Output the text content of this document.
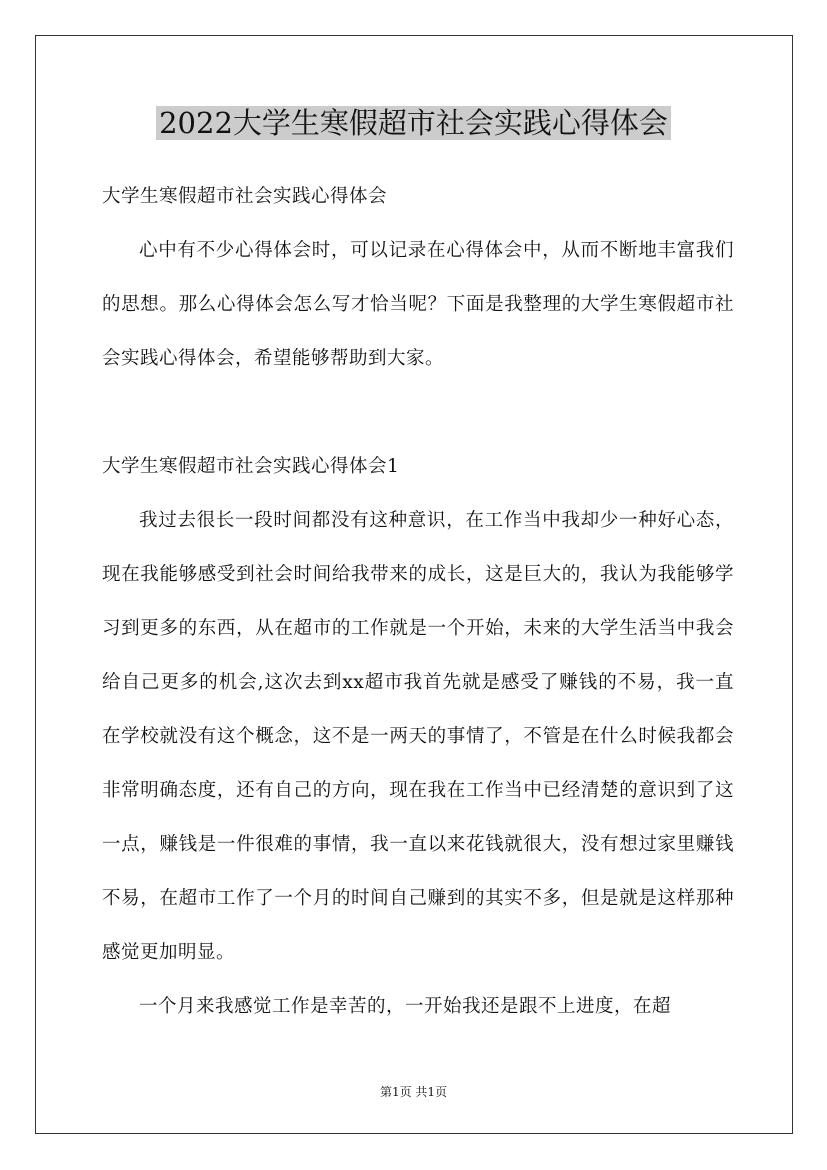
2022大学生寒假超市社会实践心得体会

大学生寒假超市社会实践心得体会

心中有不少心得体会时，可以记录在心得体会中，从而不断地丰富我们的思想。那么心得体会怎么写才恰当呢？下面是我整理的大学生寒假超市社会实践心得体会，希望能够帮助到大家。

大学生寒假超市社会实践心得体会1

我过去很长一段时间都没有这种意识，在工作当中我却少一种好心态，现在我能够感受到社会时间给我带来的成长，这是巨大的，我认为我能够学习到更多的东西，从在超市的工作就是一个开始，未来的大学生活当中我会给自己更多的机会,这次去到xx超市我首先就是感受了赚钱的不易，我一直在学校就没有这个概念，这不是一两天的事情了，不管是在什么时候我都会非常明确态度，还有自己的方向，现在我在工作当中已经清楚的意识到了这一点，赚钱是一件很难的事情，我一直以来花钱就很大，没有想过家里赚钱不易，在超市工作了一个月的时间自己赚到的其实不多，但是就是这样那种感觉更加明显。

一个月来我感觉工作是幸苦的，一开始我还是跟不上进度，在超

第1页 共1页
